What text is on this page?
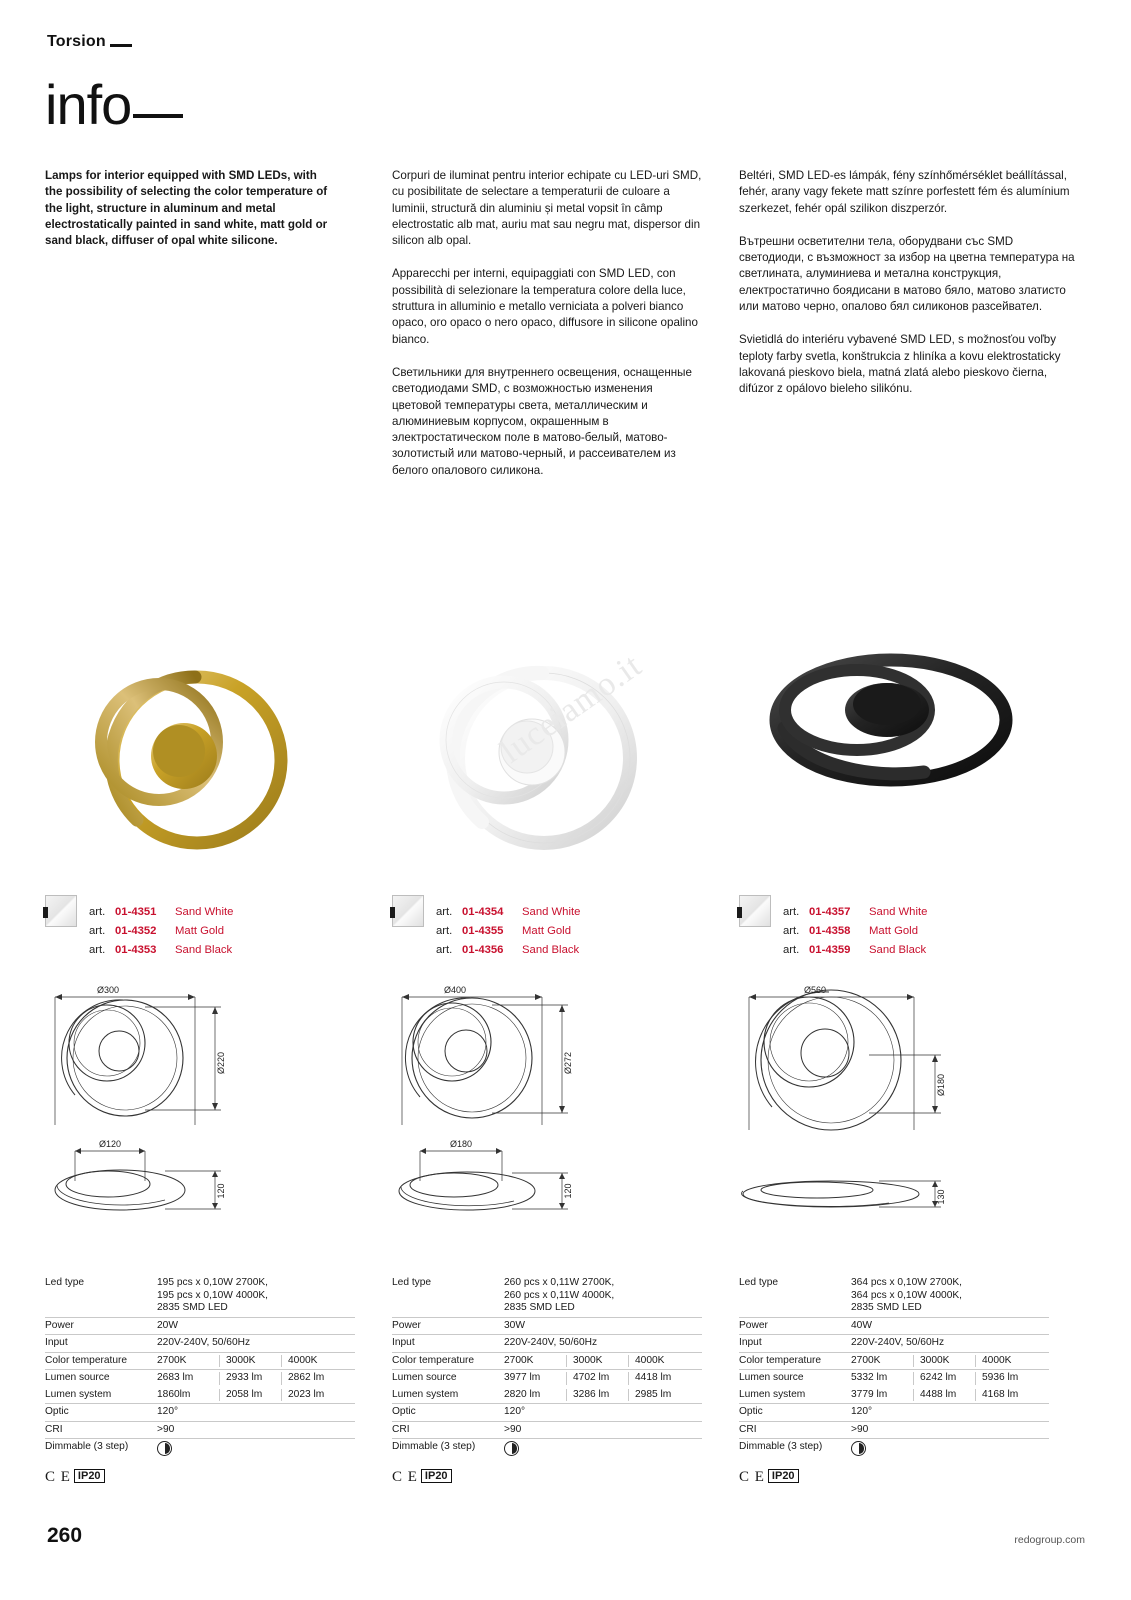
Torsion
info

Lamps for interior equipped with SMD LEDs, with the possibility of selecting the color temperature of the light, structure in aluminum and metal electrostatically painted in sand white, matt gold or sand black, diffuser of opal white silicone.

Corpuri de iluminat pentru interior echipate cu LED-uri SMD, cu posibilitate de selectare a temperaturii de culoare a luminii, structură din aluminiu și metal vopsit în câmp electrostatic alb mat, auriu mat sau negru mat, dispersor din silicon alb opal.

Apparecchi per interni, equipaggiati con SMD LED, con possibilità di selezionare la temperatura colore della luce, struttura in alluminio e metallo verniciata a polveri bianco opaco, oro opaco o nero opaco, diffusore in silicone opalino bianco.

Светильники для внутреннего освещения, оснащенные светодиодами SMD, с возможностью изменения цветовой температуры света, металлическим и алюминиевым корпусом, окрашенным в электростатическом поле в матово-белый, матово-золотистый или матово-черный, и рассеивателем из белого опалового силикона.

Beltéri, SMD LED-es lámpák, fény színhőmérséklet beállítással, fehér, arany vagy fekete matt színre porfestett fém és alumínium szerkezet, fehér opál szilikon diszperzór.

Вътрешни осветителни тела, оборудвани със SMD светодиоди, с възможност за избор на цветна температура на светлината, алуминиева и метална конструкция, електростатично боядисани в матово бяло, матово златисто или матово черно, опалово бял силиконов разсейвател.

Svietidlá do interiéru vybavené SMD LED, s možnosťou voľby teploty farby svetla, konštrukcia z hliníka a kovu elektrostaticky lakovaná pieskovo biela, matná zlatá alebo pieskovo čierna, difúzor z opálovo bieleho silikónu.

luceiamo.it
art. 01-4351 Sand White
art. 01-4352 Matt Gold
art. 01-4353 Sand Black
art. 01-4354 Sand White
art. 01-4355 Matt Gold
art. 01-4356 Sand Black
art. 01-4357 Sand White
art. 01-4358 Matt Gold
art. 01-4359 Sand Black
Ø300
Ø220
Ø120
120
Ø400
Ø272
Ø180
120
Ø560
Ø180
130
Led type	195 pcs x 0,10W 2700K,
195 pcs x 0,10W 4000K,
2835 SMD LED

Power	20W
Input	220V-240V, 50/60Hz
Color temperature	2700K 3000K 4000K
Lumen source	2683 lm 2933 lm 2862 lm
Lumen system	1860lm 2058 lm 2023 lm
Optic	120°
CRI	>90
Dimmable (3 step)	
C E IP20
Led type	260 pcs x 0,11W 2700K,
260 pcs x 0,11W 4000K,
2835 SMD LED

Power	30W
Input	220V-240V, 50/60Hz
Color temperature	2700K 3000K 4000K
Lumen source	3977 lm 4702 lm 4418 lm
Lumen system	2820 lm 3286 lm 2985 lm
Optic	120°
CRI	>90
Dimmable (3 step)	
C E IP20
Led type	364 pcs x 0,10W 2700K,
364 pcs x 0,10W 4000K,
2835 SMD LED

Power	40W
Input	220V-240V, 50/60Hz
Color temperature	2700K 3000K 4000K
Lumen source	5332 lm 6242 lm 5936 lm
Lumen system	3779 lm 4488 lm 4168 lm
Optic	120°
CRI	>90
Dimmable (3 step)	
C E IP20
260	redogroup.com
